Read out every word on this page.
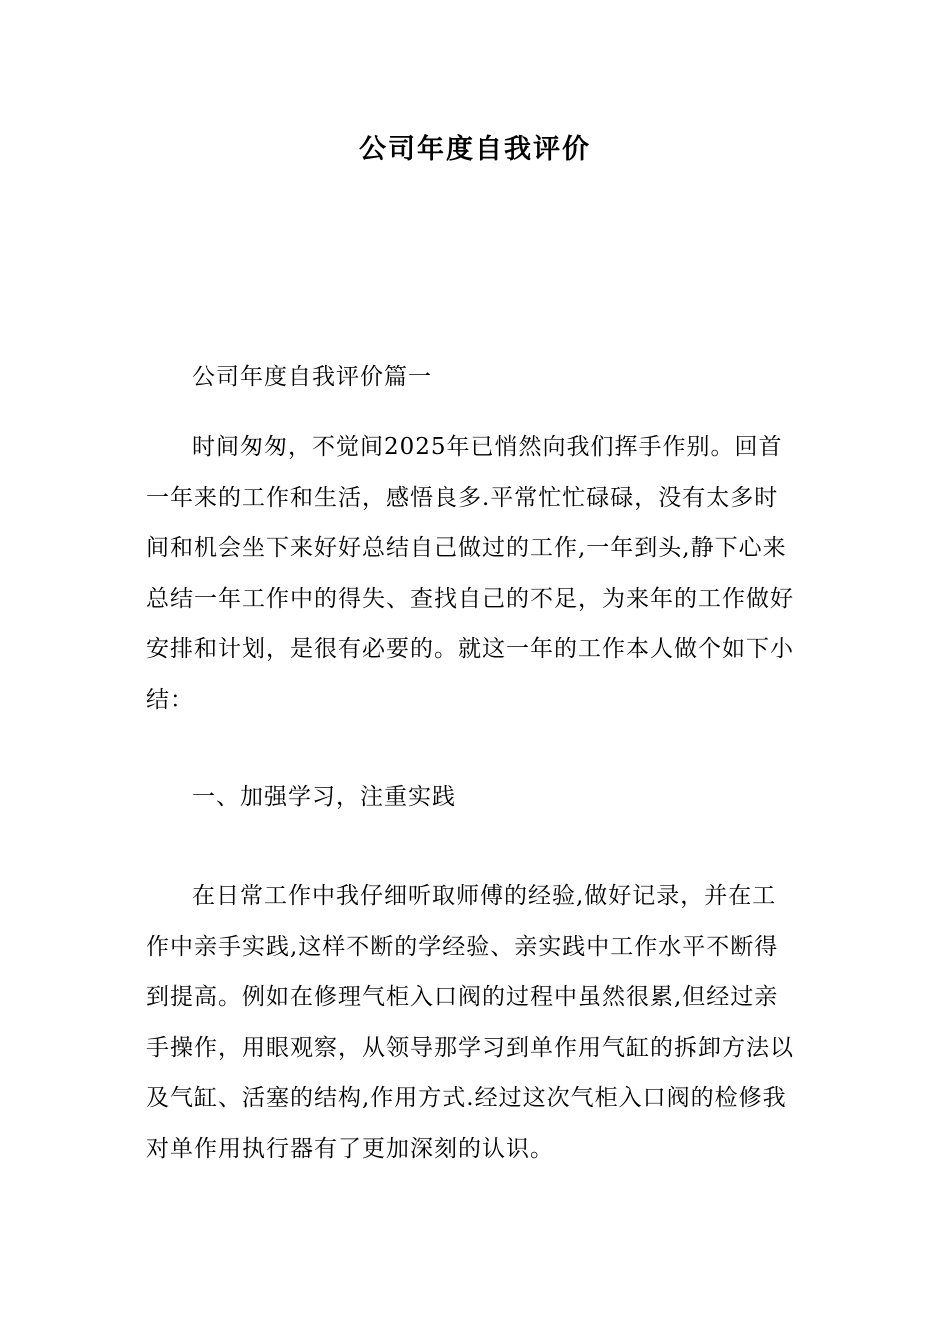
公司年度自我评价

公司年度自我评价篇一

时间匆匆，不觉间2025年已悄然向我们挥手作别。回首一年来的工作和生活，感悟良多.平常忙忙碌碌，没有太多时间和机会坐下来好好总结自己做过的工作,一年到头,静下心来总结一年工作中的得失、查找自己的不足，为来年的工作做好安排和计划，是很有必要的。就这一年的工作本人做个如下小结：

一、加强学习，注重实践

在日常工作中我仔细听取师傅的经验,做好记录，并在工作中亲手实践,这样不断的学经验、亲实践中工作水平不断得到提高。例如在修理气柜入口阀的过程中虽然很累,但经过亲手操作，用眼观察，从领导那学习到单作用气缸的拆卸方法以及气缸、活塞的结构,作用方式.经过这次气柜入口阀的检修我对单作用执行器有了更加深刻的认识。
